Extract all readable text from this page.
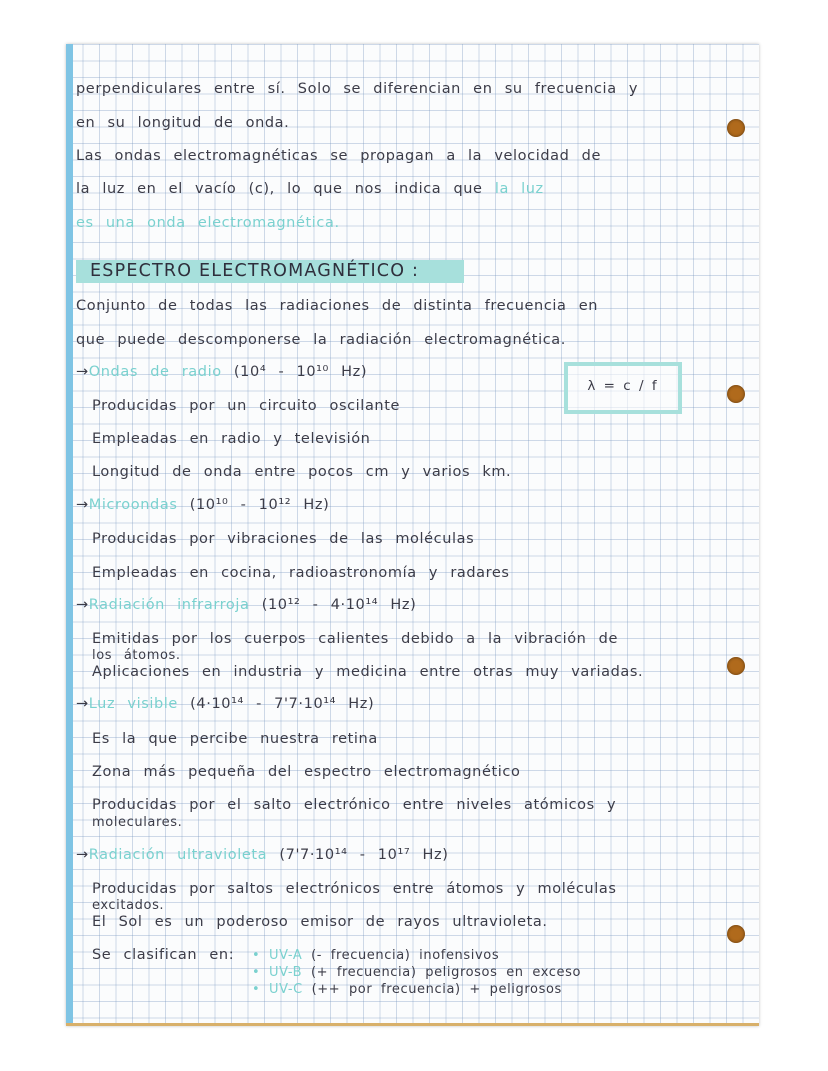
perpendiculares entre sí. Solo se diferencian en su frecuencia y

en su longitud de onda.

Las ondas electromagnéticas se propagan a la velocidad de

la luz en el vacío (c), lo que nos indica que la luz

es una onda electromagnética.

ESPECTRO ELECTROMAGNÉTICO :

Conjunto de todas las radiaciones de distinta frecuencia en

que puede descomponerse la radiación electromagnética.

λ = c / f

→Ondas de radio (10⁴ - 10¹⁰ Hz)

Producidas por un circuito oscilante

Empleadas en radio y televisión

Longitud de onda entre pocos cm y varios km.

→Microondas (10¹⁰ - 10¹² Hz)

Producidas por vibraciones de las moléculas

Empleadas en cocina, radioastronomía y radares

→Radiación infrarroja (10¹² - 4·10¹⁴ Hz)

Emitidas por los cuerpos calientes debido a la vibración de

los átomos.

Aplicaciones en industria y medicina entre otras muy variadas.

→Luz visible (4·10¹⁴ - 7'7·10¹⁴ Hz)

Es la que percibe nuestra retina

Zona más pequeña del espectro electromagnético

Producidas por el salto electrónico entre niveles atómicos y

moleculares.

→Radiación ultravioleta (7'7·10¹⁴ - 10¹⁷ Hz)

Producidas por saltos electrónicos entre átomos y moléculas

excitados.

El Sol es un poderoso emisor de rayos ultravioleta.

Se clasifican en: • UV-A (- frecuencia) inofensivos

• UV-B (+ frecuencia) peligrosos en exceso

• UV-C (++ por frecuencia) + peligrosos
